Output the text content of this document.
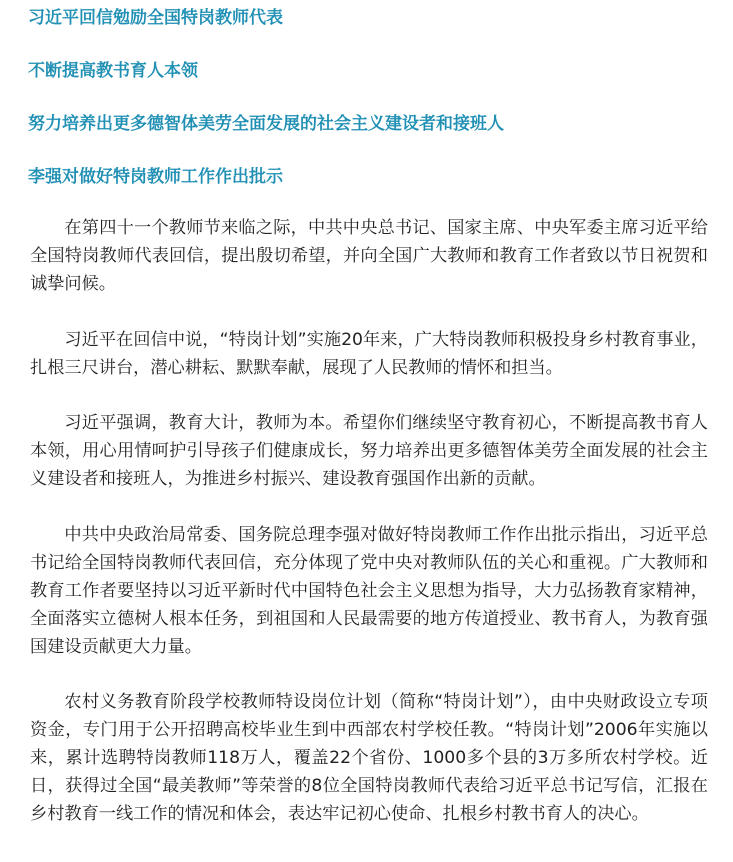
习近平回信勉励全国特岗教师代表
不断提高教书育人本领
努力培养出更多德智体美劳全面发展的社会主义建设者和接班人
李强对做好特岗教师工作作出批示

在第四十一个教师节来临之际，中共中央总书记、国家主席、中央军委主席习近平给全国特岗教师代表回信，提出殷切希望，并向全国广大教师和教育工作者致以节日祝贺和诚挚问候。

习近平在回信中说，“特岗计划”实施20年来，广大特岗教师积极投身乡村教育事业，扎根三尺讲台，潜心耕耘、默默奉献，展现了人民教师的情怀和担当。

习近平强调，教育大计，教师为本。希望你们继续坚守教育初心，不断提高教书育人本领，用心用情呵护引导孩子们健康成长，努力培养出更多德智体美劳全面发展的社会主义建设者和接班人，为推进乡村振兴、建设教育强国作出新的贡献。

中共中央政治局常委、国务院总理李强对做好特岗教师工作作出批示指出，习近平总书记给全国特岗教师代表回信，充分体现了党中央对教师队伍的关心和重视。广大教师和教育工作者要坚持以习近平新时代中国特色社会主义思想为指导，大力弘扬教育家精神，全面落实立德树人根本任务，到祖国和人民最需要的地方传道授业、教书育人，为教育强国建设贡献更大力量。

农村义务教育阶段学校教师特设岗位计划（简称“特岗计划”），由中央财政设立专项资金，专门用于公开招聘高校毕业生到中西部农村学校任教。“特岗计划”2006年实施以来，累计选聘特岗教师118万人，覆盖22个省份、1000多个县的3万多所农村学校。近日，获得过全国“最美教师”等荣誉的8位全国特岗教师代表给习近平总书记写信，汇报在乡村教育一线工作的情况和体会，表达牢记初心使命、扎根乡村教书育人的决心。
